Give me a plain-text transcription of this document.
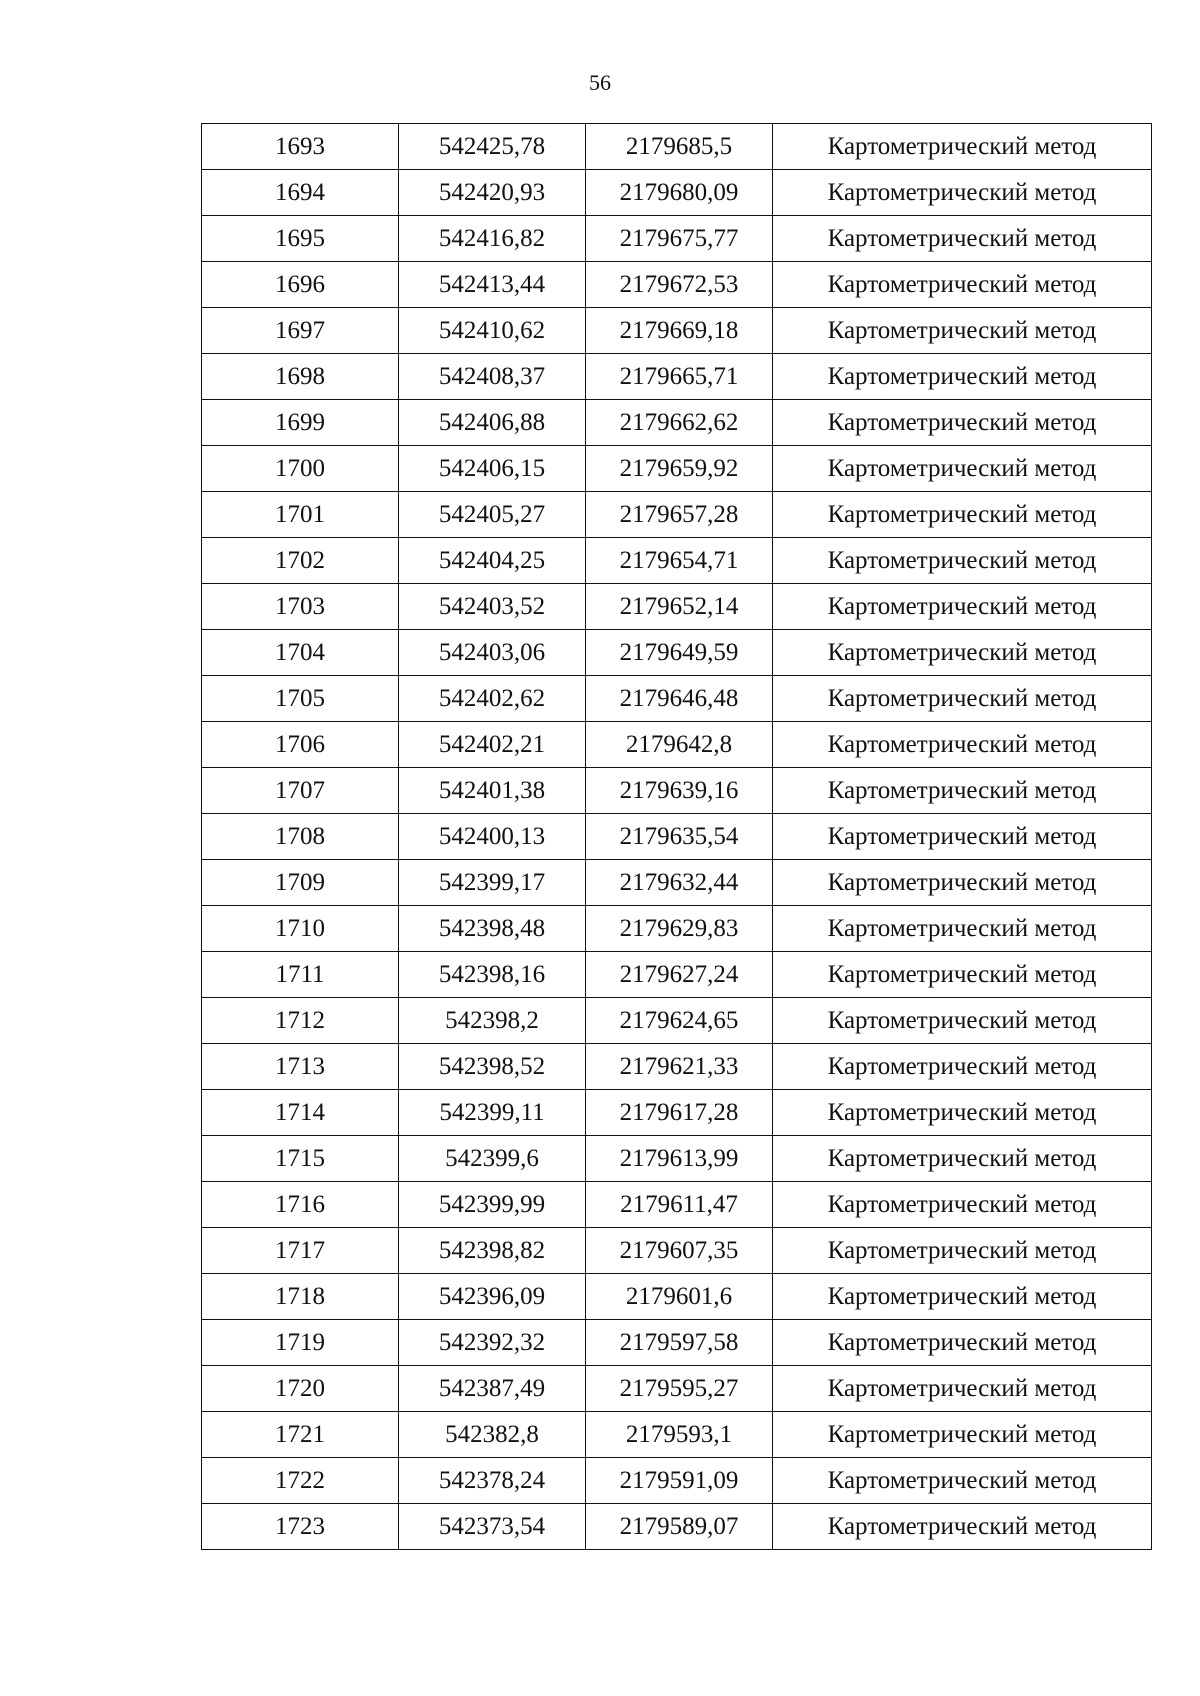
56
1693	542425,78	2179685,5	Картометрический метод
1694	542420,93	2179680,09	Картометрический метод
1695	542416,82	2179675,77	Картометрический метод
1696	542413,44	2179672,53	Картометрический метод
1697	542410,62	2179669,18	Картометрический метод
1698	542408,37	2179665,71	Картометрический метод
1699	542406,88	2179662,62	Картометрический метод
1700	542406,15	2179659,92	Картометрический метод
1701	542405,27	2179657,28	Картометрический метод
1702	542404,25	2179654,71	Картометрический метод
1703	542403,52	2179652,14	Картометрический метод
1704	542403,06	2179649,59	Картометрический метод
1705	542402,62	2179646,48	Картометрический метод
1706	542402,21	2179642,8	Картометрический метод
1707	542401,38	2179639,16	Картометрический метод
1708	542400,13	2179635,54	Картометрический метод
1709	542399,17	2179632,44	Картометрический метод
1710	542398,48	2179629,83	Картометрический метод
1711	542398,16	2179627,24	Картометрический метод
1712	542398,2	2179624,65	Картометрический метод
1713	542398,52	2179621,33	Картометрический метод
1714	542399,11	2179617,28	Картометрический метод
1715	542399,6	2179613,99	Картометрический метод
1716	542399,99	2179611,47	Картометрический метод
1717	542398,82	2179607,35	Картометрический метод
1718	542396,09	2179601,6	Картометрический метод
1719	542392,32	2179597,58	Картометрический метод
1720	542387,49	2179595,27	Картометрический метод
1721	542382,8	2179593,1	Картометрический метод
1722	542378,24	2179591,09	Картометрический метод
1723	542373,54	2179589,07	Картометрический метод
